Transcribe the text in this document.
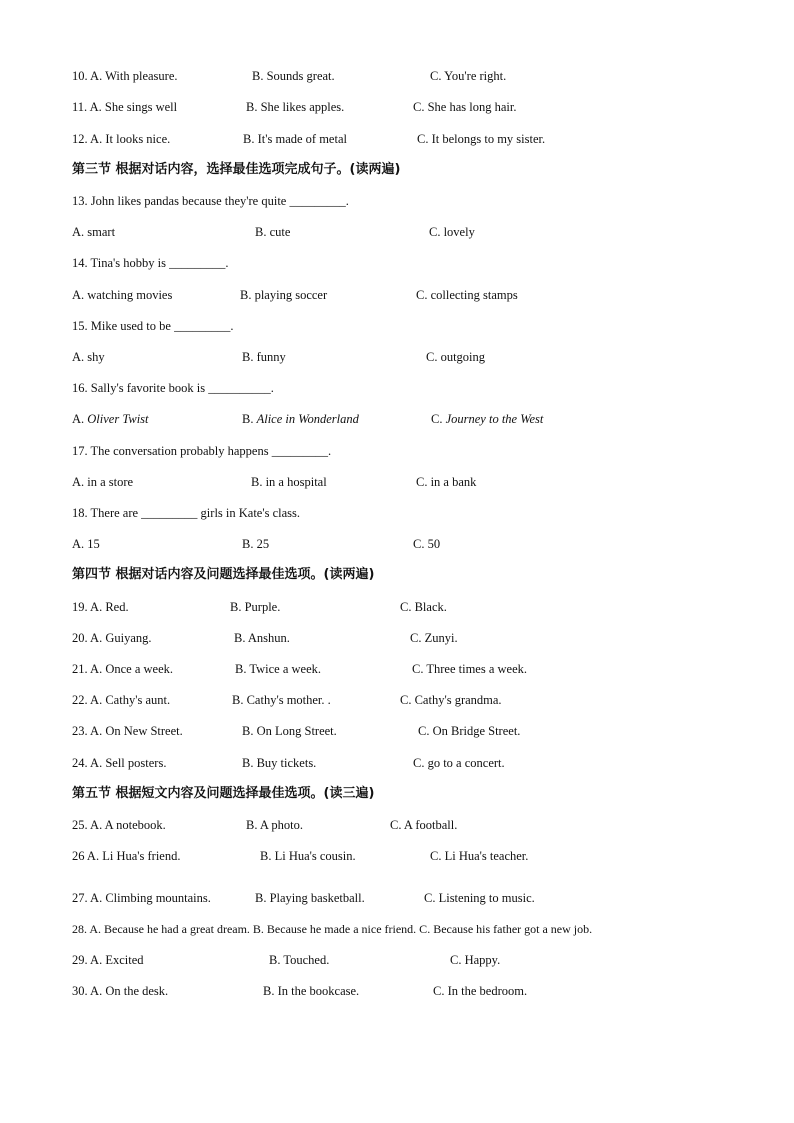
10. A. With pleasure.	B. Sounds great.	C. You're right.
11. A. She sings well	B. She likes apples.	C. She has long hair.
12. A. It looks nice.	B. It's made of metal	C. It belongs to my sister.
第三节 根据对话内容，选择最佳选项完成句子。(读两遍)
13. John likes pandas because they're quite _________.
A. smart	B. cute	C. lovely
14. Tina's hobby is _________.
A. watching movies	B. playing soccer	C. collecting stamps
15. Mike used to be _________.
A. shy	B. funny	C. outgoing
16. Sally's favorite book is __________.
A. Oliver Twist	B. Alice in Wonderland	C. Journey to the West
17. The conversation probably happens _________.
A. in a store	B. in a hospital	C. in a bank
18. There are _________ girls in Kate's class.
A. 15	B. 25	C. 50
第四节 根据对话内容及问题选择最佳选项。(读两遍)
19. A. Red.	B. Purple.	C. Black.
20. A. Guiyang.	B. Anshun.	C. Zunyi.
21. A. Once a week.	B. Twice a week.	C. Three times a week.
22. A. Cathy's aunt.	B. Cathy's mother. .	C. Cathy's grandma.
23. A. On New Street.	B. On Long Street.	C. On Bridge Street.
24. A. Sell posters.	B. Buy tickets.	C. go to a concert.
第五节 根据短文内容及问题选择最佳选项。(读三遍)
25. A. A notebook.	B. A photo.	C. A football.
26 A. Li Hua's friend.	B. Li Hua's cousin.	C. Li Hua's teacher.
27. A. Climbing mountains.	B. Playing basketball.	C. Listening to music.
28. A. Because he had a great dream. B. Because he made a nice friend. C. Because his father got a new job.
29. A. Excited	B. Touched.	C. Happy.
30. A. On the desk.	B. In the bookcase.	C. In the bedroom.
